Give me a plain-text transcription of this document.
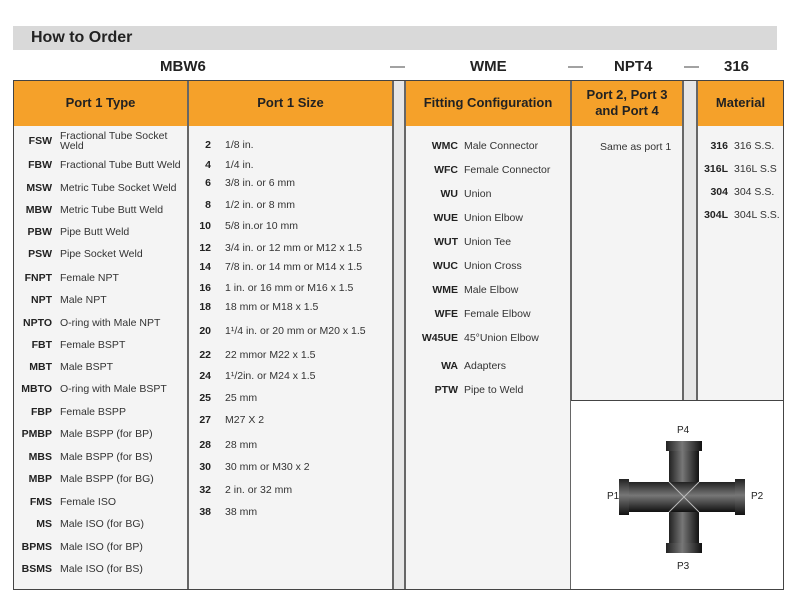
How to Order
MBW6	—	WME	— NPT4 — 316
Port 1 Type
FSW Fractional Tube Socket Weld
FBW Fractional Tube Butt Weld
MSW Metric Tube Socket Weld
MBW Metric Tube Butt Weld
PBW Pipe Butt Weld
PSW Pipe Socket Weld
FNPT Female NPT
NPT Male NPT
NPTO O-ring with Male NPT
FBT Female BSPT
MBT Male BSPT
MBTO O-ring with Male BSPT
FBP Female BSPP
PMBP Male BSPP (for BP)
MBS Male BSPP (for BS)
MBP Male BSPP (for BG)
FMS Female ISO
MS Male ISO (for BG)
BPMS Male ISO (for BP)
BSMS Male ISO (for BS)
Port 1 Size
2 1/8 in.
4 1/4 in.
6 3/8 in. or 6 mm
8 1/2 in. or 8 mm
10 5/8 in.or 10 mm
12 3/4 in. or 12 mm or M12 x 1.5
14 7/8 in. or 14 mm or M14 x 1.5
16 1 in. or 16 mm or M16 x 1.5
18 18 mm or M18 x 1.5
20 1¹/4 in. or 20 mm or M20 x 1.5
22 22 mmor M22 x 1.5
24 1¹/2in. or M24 x 1.5
25 25 mm
27 M27 X 2
28 28 mm
30 30 mm or M30 x 2
32 2 in. or 32 mm
38 38 mm
Fitting Configuration
WMC Male Connector
WFC Female Connector
WU Union
WUE Union Elbow
WUT Union Tee
WUC Union Cross
WME Male Elbow
WFE Female Elbow
W45UE 45°Union Elbow
WA Adapters
PTW Pipe to Weld
Port 2, Port 3
and Port 4
Same as port 1
Material
316 316 S.S.
316L 316L S.S
304 304 S.S.
304L 304L S.S.
P4
P1	P2
P3
